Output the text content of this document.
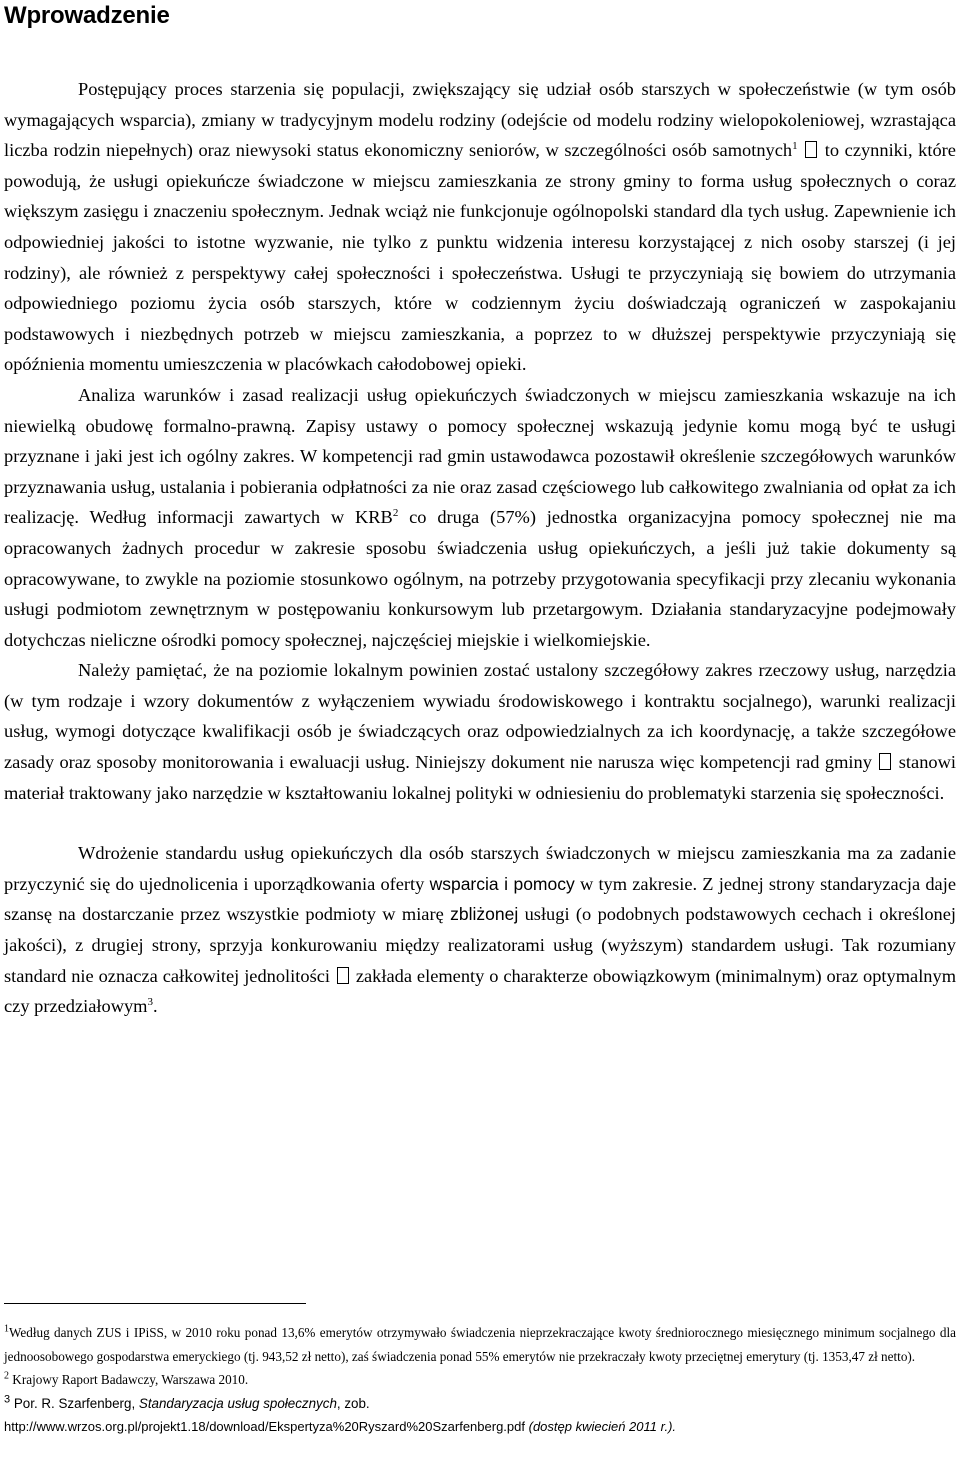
Wprowadzenie

Postępujący proces starzenia się populacji, zwiększający się udział osób starszych w społeczeństwie (w tym osób wymagających wsparcia), zmiany w tradycyjnym modelu rodziny (odejście od modelu rodziny wielopokoleniowej, wzrastająca liczba rodzin niepełnych) oraz niewysoki status ekonomiczny seniorów, w szczególności osób samotnych$^1$ to czynniki, które powodują, że usługi opiekuńcze świadczone w miejscu zamieszkania ze strony gminy to forma usług społecznych o coraz większym zasięgu i znaczeniu społecznym. Jednak wciąż nie funkcjonuje ogólnopolski standard dla tych usług. Zapewnienie ich odpowiedniej jakości to istotne wyzwanie, nie tylko z punktu widzenia interesu korzystającej z nich osoby starszej (i jej rodziny), ale również z perspektywy całej społeczności i społeczeństwa. Usługi te przyczyniają się bowiem do utrzymania odpowiedniego poziomu życia osób starszych, które w codziennym życiu doświadczają ograniczeń w zaspokajaniu podstawowych i niezbędnych potrzeb w miejscu zamieszkania, a poprzez to w dłuższej perspektywie przyczyniają się opóźnienia momentu umieszczenia w placówkach całodobowej opieki.

Analiza warunków i zasad realizacji usług opiekuńczych świadczonych w miejscu zamieszkania wskazuje na ich niewielką obudowę formalno-prawną. Zapisy ustawy o pomocy społecznej wskazują jedynie komu mogą być te usługi przyznane i jaki jest ich ogólny zakres. W kompetencji rad gmin ustawodawca pozostawił określenie szczegółowych warunków przyznawania usług, ustalania i pobierania odpłatności za nie oraz zasad częściowego lub całkowitego zwalniania od opłat za ich realizację. Według informacji zawartych w KRB$^2$ co druga (57%) jednostka organizacyjna pomocy społecznej nie ma opracowanych żadnych procedur w zakresie sposobu świadczenia usług opiekuńczych, a jeśli już takie dokumenty są opracowywane, to zwykle na poziomie stosunkowo ogólnym, na potrzeby przygotowania specyfikacji przy zlecaniu wykonania usługi podmiotom zewnętrznym w postępowaniu konkursowym lub przetargowym. Działania standaryzacyjne podejmowały dotychczas nieliczne ośrodki pomocy społecznej, najczęściej miejskie i wielkomiejskie.

Należy pamiętać, że na poziomie lokalnym powinien zostać ustalony szczegółowy zakres rzeczowy usług, narzędzia (w tym rodzaje i wzory dokumentów z wyłączeniem wywiadu środowiskowego i kontraktu socjalnego), warunki realizacji usług, wymogi dotyczące kwalifikacji osób je świadczących oraz odpowiedzialnych za ich koordynację, a także szczegółowe zasady oraz sposoby monitorowania i ewaluacji usług. Niniejszy dokument nie narusza więc kompetencji rad gminy stanowi materiał traktowany jako narzędzie w kształtowaniu lokalnej polityki w odniesieniu do problematyki starzenia się społeczności.

Wdrożenie standardu usług opiekuńczych dla osób starszych świadczonych w miejscu zamieszkania ma za zadanie przyczynić się do ujednolicenia i uporządkowania oferty wsparcia i pomocy w tym zakresie. Z jednej strony standaryzacja daje szansę na dostarczanie przez wszystkie podmioty w miarę zbliżonej usługi (o podobnych podstawowych cechach i określonej jakości), z drugiej strony, sprzyja konkurowaniu między realizatorami usług (wyższym) standardem usługi. Tak rozumiany standard nie oznacza całkowitej jednolitości zakłada elementy o charakterze obowiązkowym (minimalnym) oraz optymalnym czy przedziałowym$^3$.

$^1$Według danych ZUS i IPiSS, w 2010 roku ponad 13,6% emerytów otrzymywało świadczenia nieprzekraczające kwoty średniorocznego miesięcznego minimum socjalnego dla jednoosobowego gospodarstwa emeryckiego (tj. 943,52 zł netto), zaś świadczenia ponad 55% emerytów nie przekraczały kwoty przeciętnej emerytury (tj. 1353,47 zł netto).

$^2$ Krajowy Raport Badawczy, Warszawa 2010.

$^3$ Por. R. Szarfenberg, Standaryzacja usług społecznych, zob.

http://www.wrzos.org.pl/projekt1.18/download/Ekspertyza%20Ryszard%20Szarfenberg.pdf (dostęp kwiecień 2011 r.).
